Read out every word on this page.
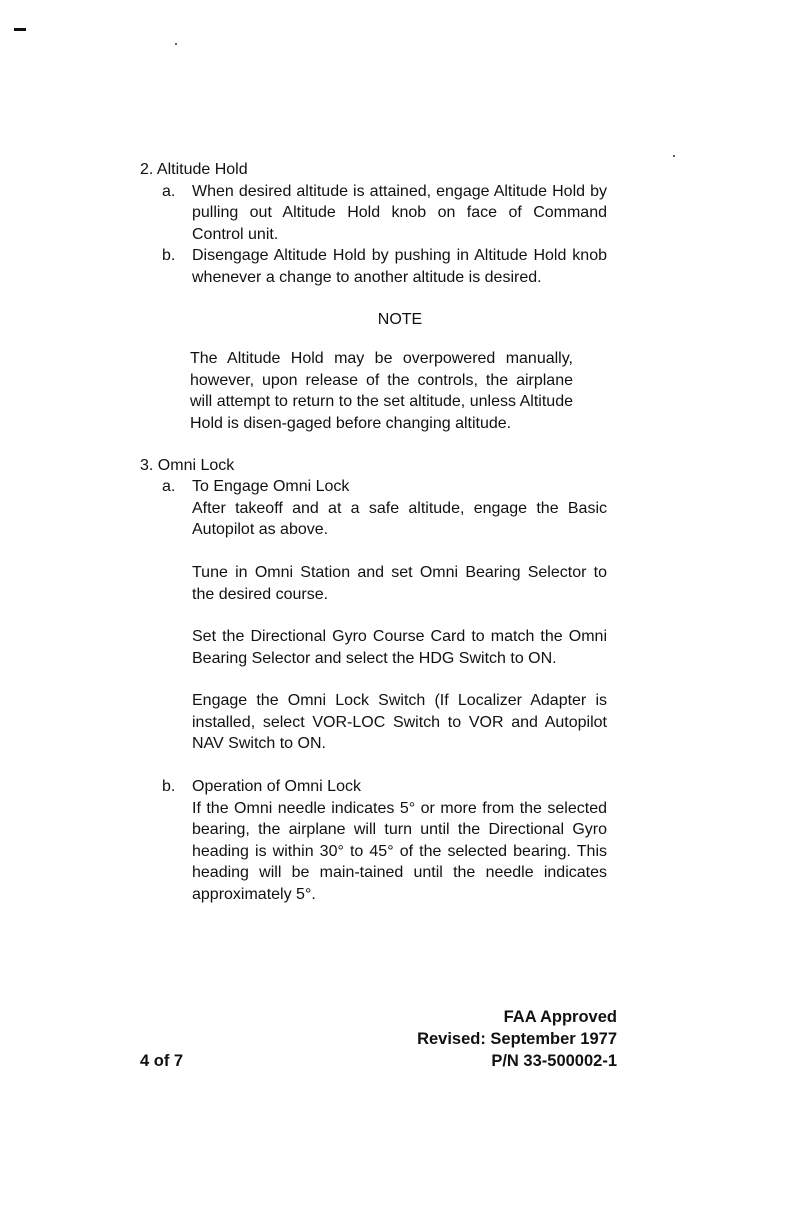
2. Altitude Hold

a. When desired altitude is attained, engage Altitude Hold by pulling out Altitude Hold knob on face of Command Control unit.

b. Disengage Altitude Hold by pushing in Altitude Hold knob whenever a change to another altitude is desired.

NOTE

The Altitude Hold may be overpowered manually, however, upon release of the controls, the airplane will attempt to return to the set altitude, unless Altitude Hold is disen-gaged before changing altitude.

3. Omni Lock

a. To Engage Omni Lock

After takeoff and at a safe altitude, engage the Basic Autopilot as above.

Tune in Omni Station and set Omni Bearing Selector to the desired course.

Set the Directional Gyro Course Card to match the Omni Bearing Selector and select the HDG Switch to ON.

Engage the Omni Lock Switch (If Localizer Adapter is installed, select VOR-LOC Switch to VOR and Autopilot NAV Switch to ON.

b. Operation of Omni Lock

If the Omni needle indicates 5° or more from the selected bearing, the airplane will turn until the Directional Gyro heading is within 30° to 45° of the selected bearing. This heading will be main-tained until the needle indicates approximately 5°.

FAA Approved
Revised: September 1977
P/N 33-500002-1
4 of 7
